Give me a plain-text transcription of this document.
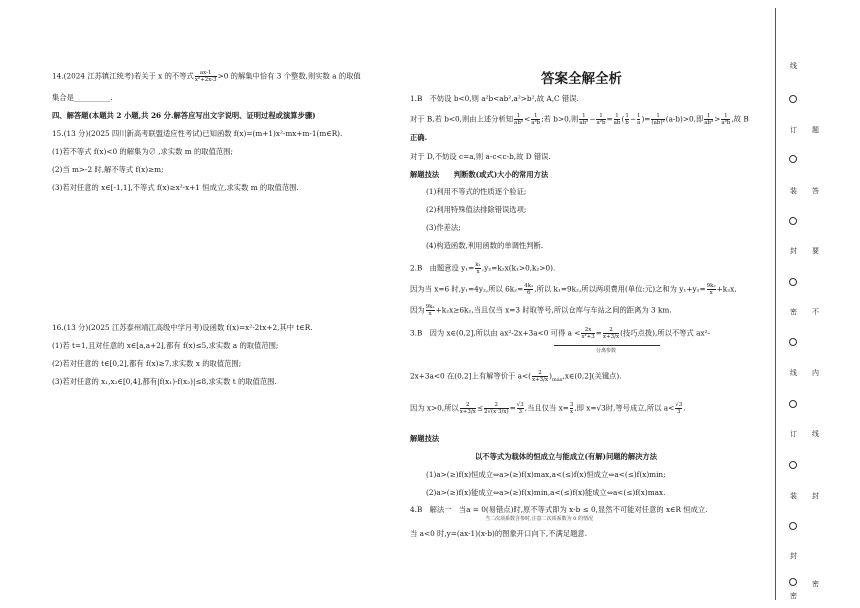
14.(2024 江苏镇江统考)若关于 x 的不等式 $\frac{ax-1}{\text{x²+2x-3}} >0$ 的解集中恰有 3 个整数,则实数 a 的取值
集合是__________.
四、解答题(本题共 2 小题,共 26 分.解答应写出文字说明、证明过程或演算步骤)
15.(13 分)(2025 四川新高考联盟适应性考试)已知函数 f(x)=(m+1)x²-mx+m-1(m∈R).
(1)若不等式 f(x)<0 的解集为∅ ,求实数 m 的取值范围;
(2)当 m>-2 时,解不等式 f(x)≥m;
(3)若对任意的 x∈[-1,1],不等式 f(x)≥x²-x+1 恒成立,求实数 m 的取值范围.
16.(13 分)(2025 江苏泰州靖江高级中学月考)设函数 f(x)=x²-2tx+2,其中 t∈R.
(1)若 t=1,且对任意的 x∈[a,a+2],都有 f(x)≤5,求实数 a 的取值范围;
(2)若对任意的 t∈[0,2],都有 f(x)≥7,求实数 x 的取值范围;
(3)若对任意的 x₁,x₂∈[0,4],都有|f(x₁)-f(x₂)|≤8,求实数 t 的取值范围.
答案全解全析
1.B　不妨设 b<0,则 a²b<ab²,a²>b²,故 A,C 错误.
对于 B,若 b<0,则由上述分析知 $\frac{1}{\text{ab²}} < \frac{1}{\text{a²b}}$ ;若 b>0,则 $\frac{1}{\text{ab²}} - \frac{1}{\text{a²b}} = \frac{1}{ab}$ ( $\frac{1}{b} - \frac{1}{a}$ )= $\frac{1}{\text{(ab)²}} (a-b)>0$,即 $\frac{1}{\text{ab²}} > \frac{1}{\text{a²b}}$ ,故 B
正确.
对于 D,不妨设 c=a,则 a-c<c-b,故 D 错误.
解题技法　　判断数(或式)大小的常用方法
(1)利用不等式的性质逐个验证;
(2)利用特殊值法排除错误选项;
(3)作差法;
(4)构造函数,利用函数的单调性判断.
2.B　由题意设 $y_1= \frac{\text{k₁}}{x} ,y_2=k_2x(k_1>0,k_2>0)$.
因为当 x=6 时,y₁=4y₂,所以 $6k_2= \frac{\text{4k₁}}{6}$ ,所以 k₁=9k₂,所以两项费用(单位:元)之和为 $y_1+y_2= \frac{\text{9k₂}}{x} +k_2x$,
因为 $\frac{\text{9k₂}}{x} +k_2x\ge 6k_2$,当且仅当 x=3 时取等号,所以仓库与车站之间的距离为 3 km.
3.B　因为 x∈(0,2],所以由 ax²-2x+3a<0 可得 $a < \frac{2x}{\text{x²+3}} = \frac{2}{x+3/x}$ (技巧点拨),所以不等式 ax²-
分离参数
2x+3a<0 在(0,2]上有解等价于 $a<( \frac{2}{x+3/x}$ )$_{max},x\in(0,2]$(关键点).
因为 x>0,所以 $\frac{2}{x+3/x} \le \frac{2}{2√(x\cdot 3/x)} = \frac{√3}{3}$ ,当且仅当 $x= \frac{3}{x}$ ,即 x=√3时,等号成立,所以 $a< \frac{√3}{3}$ .
解题技法
以不等式为载体的恒成立与能成立(有解)问题的解决方法
(1)a>(≥)f(x)恒成立⇔a>(≥)f(x)max,a<(≤)f(x)恒成立⇔a<(≤)f(x)min;
(2)a>(≥)f(x)能成立⇔a>(≥)f(x)min,a<(≤)f(x)能成立⇔a<(≤)f(x)max.
4.B　解法一　当a = 0(易错点)时,原不等式即为 x-b ≤ 0,显然不可能对任意的 x∈R 恒成立.
当二次项系数含参时,注意二次项系数为 0 的情况
当 a<0 时,y=(ax-1)(x-b)的图象开口向下,不满足题意.
线
订
装
封
密
线
订
装
封
题
答
要
不
内
线
封
密
密
